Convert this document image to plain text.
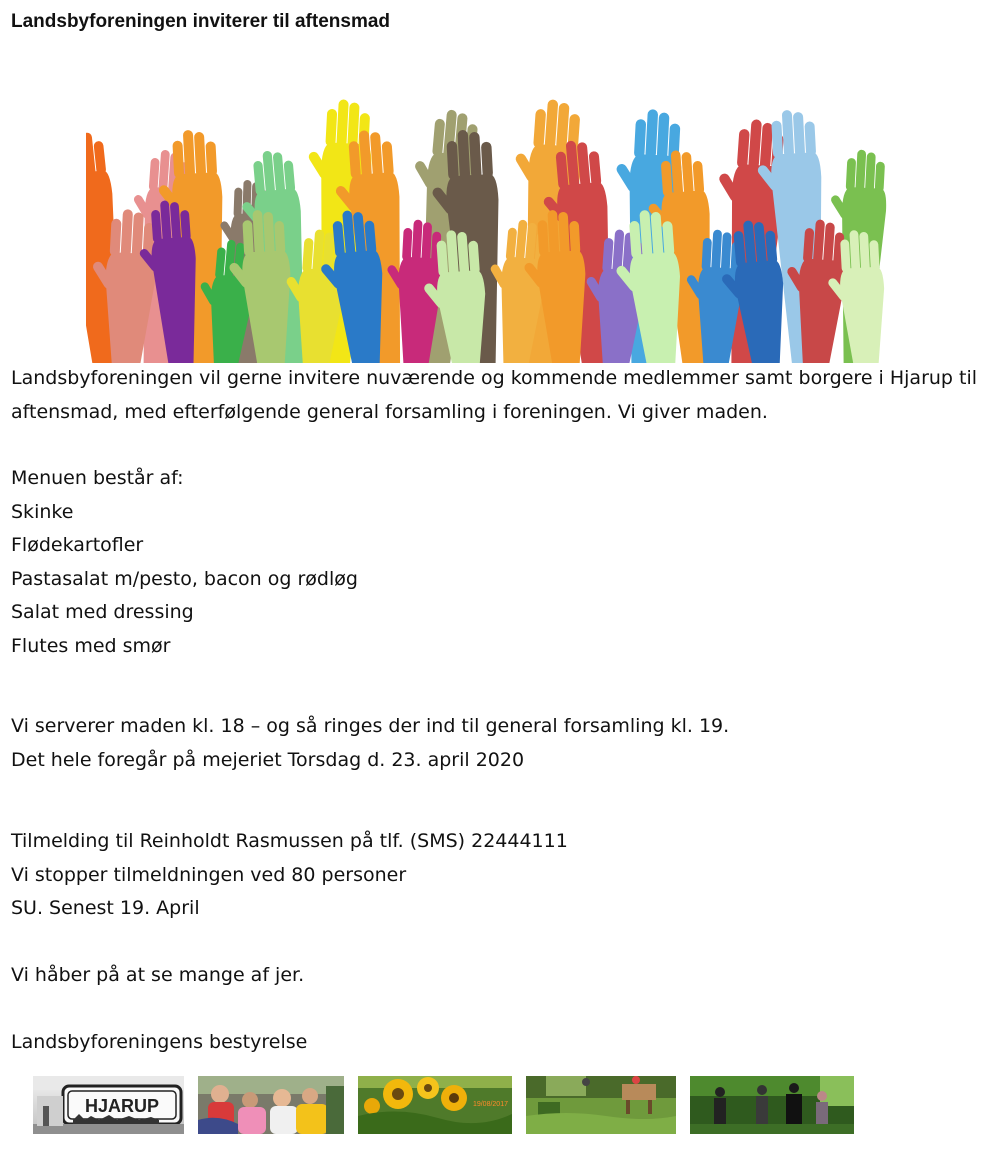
Landsbyforeningen inviterer til aftensmad
Landsbyforeningen vil gerne invitere nuværende og kommende medlemmer samt borgere i Hjarup til
aftensmad, med efterfølgende general forsamling i foreningen. Vi giver maden.
Menuen består af:
Skinke
Flødekartofler
Pastasalat m/pesto, bacon og rødløg
Salat med dressing
Flutes med smør
Vi serverer maden kl. 18 – og så ringes der ind til general forsamling kl. 19.
Det hele foregår på mejeriet Torsdag d. 23. april 2020
Tilmelding til Reinholdt Rasmussen på tlf. (SMS) 22444111
Vi stopper tilmeldningen ved 80 personer
SU. Senest 19. April
Vi håber på at se mange af jer.
Landsbyforeningens bestyrelse
HJARUP	19/08/2017
